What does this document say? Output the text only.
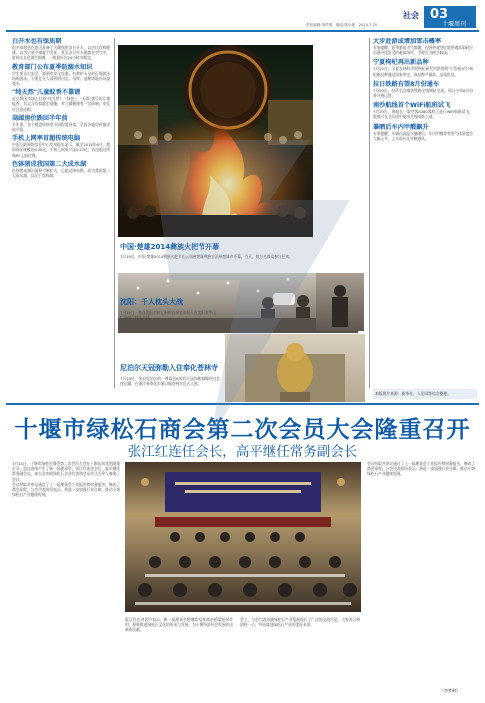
社会 03
十堰周刊
责任编辑:李洪明　版式:陈小艳　2014.7.25
白开水也有保质期
很多家庭会在夏天准备个大暖瓶把凉白开水，以为比饮料健康，以为只要不喝就不会坏。其实凉白开水暴露在空气中，时间太长会滋生细菌，一般最好在24小时内喝完。
教育部门公布夏季防溺水知识
学生要认识安全，要到有安全设施、有救护人员的正规游泳场所游泳，不要在无人看管的河边、水库、池塘等地方玩耍戏水。
"纯天然"儿童蚊香不靠谱
近日我国市场上打着"纯天然"、"绿色"、"无毒"旗号的儿童蚊香，其实含有拟除虫菊酯，对儿童健康有一定影响。家长应注意选购。
高邮房价跌回半年前
半年来，各个楼盘价格有不同程度回落，全国各地房价都比较平稳。
手机上网率首超传统电脑
中国互联网络信息中心发布报告显示，截至2014年6月，我国网民规模达6.32亿，手机上网用户达5.27亿，首次超过传统PC上网比例。
色钵猪成我国第二大成水湖
色钵猪成湖泊面积不断扩大，已超过纳木错，成为我国第二大成水湖，仅次于青海湖。
中国·楚雄2014彝族火把节开幕
7月19日，中国·楚雄2014彝族火把节在云南省楚雄彝族自治州楚雄市开幕。当天，数万名群众参与狂欢。
沈阳：千人枕头大战
7月19日，来自沈阳市和辽阳的百余名年轻人在沈阳市中山广场举行枕头大战。
尼泊尔天冠弥勒入住奉化苍林寺
7月19日，来自尼泊尔的一尊高达6米的天冠弥勒铜像经过长途运输，在浙江省奉化市溪口镇苍林寺正式入座。
大步赴游或增加雪击概率
专家提醒，夏季暴雨天气频繁，在野外或空旷地带遇雷雨时应迅速寻找安全的避雨场所，不要在大树下躲雨。
宁夏枸杞再出新品种
7月22日，宁夏农林科学院枸杞研究所培育的"宁农杞9号"枸杞新品种通过国家审定，该品种产量高、品质优良。
拉日铁路有望8月份通车
7月20日，拉萨至日喀则铁路全线铺轨完成，预计今年8月份将开通运营。
南沙航线首个WiFi航班试飞
7月23日，南航在一架空客A380客机上进行WiFi航班试飞，旅客可在飞行途中使用无线网络上网。
暴晒后车内甲醛飙升
专家提醒，车辆在高温下暴晒后，车内甲醛等有害气体浓度会大幅上升，上车前应先开窗通风。
本版图片来源：新华社，人民网等综合整理。
十堰市绿松石商会第二次会员大会隆重召开
张江红连任会长，高平继任常务副会长
7月14日，十堰市绿松石商会第二次会员大会在十堰东风宾馆隆重召开，会议选举产生了新一届理事会，张江红连任会长，高平继任常务副会长。来自全市的绿松石企业代表和会员共计百余人参加了会议。
会议听取并审议通过了上一届理事会工作报告和财务报告，修改了商会章程。与会代表纷纷表示，将进一步加强行业自律，推动十堰绿松石产业健康发展。
张江红在讲话中表示，新一届理事会将继续发挥商会桥梁纽带作用，积极推进绿松石文化的传承与发展，为十堰经济社会发展作出新的贡献。
会上，与会代表还就绿松石产业发展进行了广泛的交流讨论，大家表示将团结一心，共同谋划绿松石产业的美好未来。
会议听取并审议通过了上一届理事会工作报告和财务报告，修改了商会章程。与会代表纷纷表示，将进一步加强行业自律，推动十堰绿松石产业健康发展。
（李梦琳）
